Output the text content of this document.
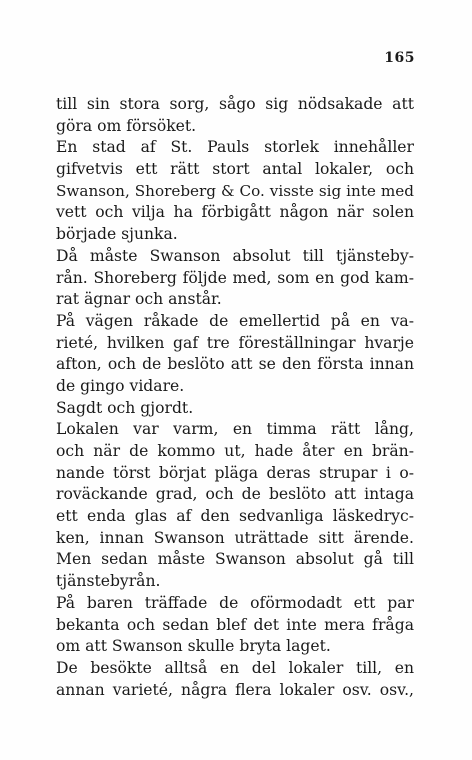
165
till sin stora sorg, sågo sig nödsakade att
göra om försöket.
En stad af St. Pauls storlek innehåller
gifvetvis ett rätt stort antal lokaler, och
Swanson, Shoreberg & Co. visste sig inte med
vett och vilja ha förbigått någon när solen
började sjunka.
Då måste Swanson absolut till tjänsteby-
rån. Shoreberg följde med, som en god kam-
rat ägnar och anstår.
På vägen råkade de emellertid på en va-
rieté, hvilken gaf tre föreställningar hvarje
afton, och de beslöto att se den första innan
de gingo vidare.
Sagdt och gjordt.
Lokalen var varm, en timma rätt lång,
och när de kommo ut, hade åter en brän-
nande törst börjat pläga deras strupar i o-
roväckande grad, och de beslöto att intaga
ett enda glas af den sedvanliga läskedryc-
ken, innan Swanson uträttade sitt ärende.
Men sedan måste Swanson absolut gå till
tjänstebyrån.
På baren träffade de oförmodadt ett par
bekanta och sedan blef det inte mera fråga
om att Swanson skulle bryta laget.
De besökte alltså en del lokaler till, en
annan varieté, några flera lokaler osv. osv.,
